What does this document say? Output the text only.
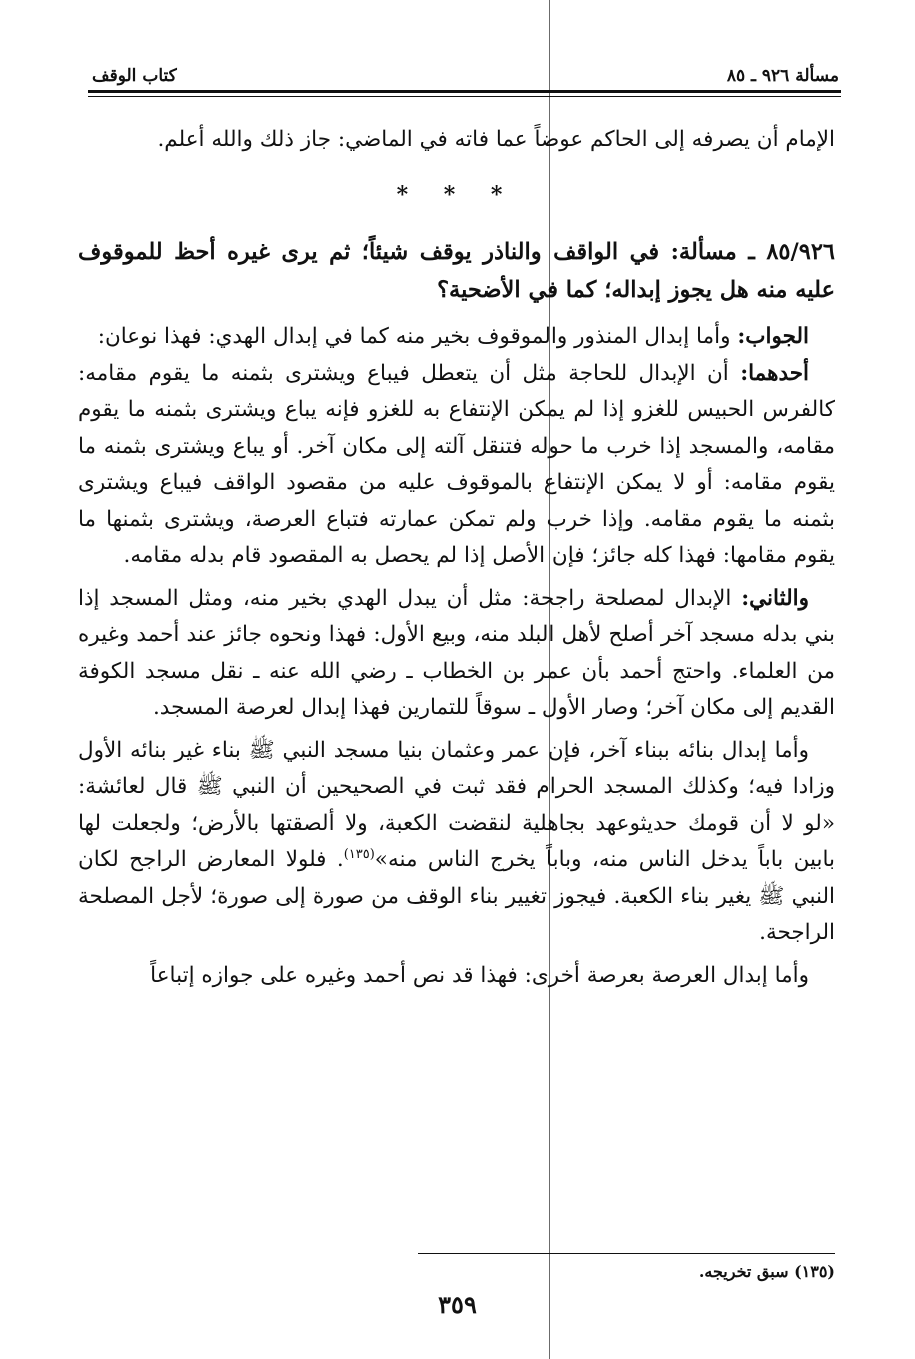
مسألة ٩٢٦ ـ ٨٥
كتاب الوقف

الإمام أن يصرفه إلى الحاكم عوضاً عما فاته في الماضي: جاز ذلك والله أعلم.

* * *

٨٥/٩٢٦ ـ مسألة: في الواقف والناذر يوقف شيئاً؛ ثم يرى غيره أحظ للموقوف عليه منه هل يجوز إبداله؛ كما في الأضحية؟

الجواب: وأما إبدال المنذور والموقوف بخير منه كما في إبدال الهدي: فهذا نوعان:

أحدهما: أن الإبدال للحاجة مثل أن يتعطل فيباع ويشترى بثمنه ما يقوم مقامه: كالفرس الحبيس للغزو إذا لم يمكن الإنتفاع به للغزو فإنه يباع ويشترى بثمنه ما يقوم مقامه، والمسجد إذا خرب ما حوله فتنقل آلته إلى مكان آخر. أو يباع ويشترى بثمنه ما يقوم مقامه: أو لا يمكن الإنتفاع بالموقوف عليه من مقصود الواقف فيباع ويشترى بثمنه ما يقوم مقامه. وإذا خرب ولم تمكن عمارته فتباع العرصة، ويشترى بثمنها ما يقوم مقامها: فهذا كله جائز؛ فإن الأصل إذا لم يحصل به المقصود قام بدله مقامه.

والثاني: الإبدال لمصلحة راجحة: مثل أن يبدل الهدي بخير منه، ومثل المسجد إذا بني بدله مسجد آخر أصلح لأهل البلد منه، وبيع الأول: فهذا ونحوه جائز عند أحمد وغيره من العلماء. واحتج أحمد بأن عمر بن الخطاب ـ رضي الله عنه ـ نقل مسجد الكوفة القديم إلى مكان آخر؛ وصار الأول ـ سوقاً للتمارين فهذا إبدال لعرصة المسجد.

وأما إبدال بنائه ببناء آخر، فإن عمر وعثمان بنيا مسجد النبي ﷺ بناء غير بنائه الأول وزادا فيه؛ وكذلك المسجد الحرام فقد ثبت في الصحيحين أن النبي ﷺ قال لعائشة: «لو لا أن قومك حديثوعهد بجاهلية لنقضت الكعبة، ولا ألصقتها بالأرض؛ ولجعلت لها بابين باباً يدخل الناس منه، وباباً يخرج الناس منه»$^{(١٣٥)}$. فلولا المعارض الراجح لكان النبي ﷺ يغير بناء الكعبة. فيجوز تغيير بناء الوقف من صورة إلى صورة؛ لأجل المصلحة الراجحة.

وأما إبدال العرصة بعرصة أخرى: فهذا قد نص أحمد وغيره على جوازه إتباعاً

(١٣٥) سبق تخريجه.
٣٥٩
